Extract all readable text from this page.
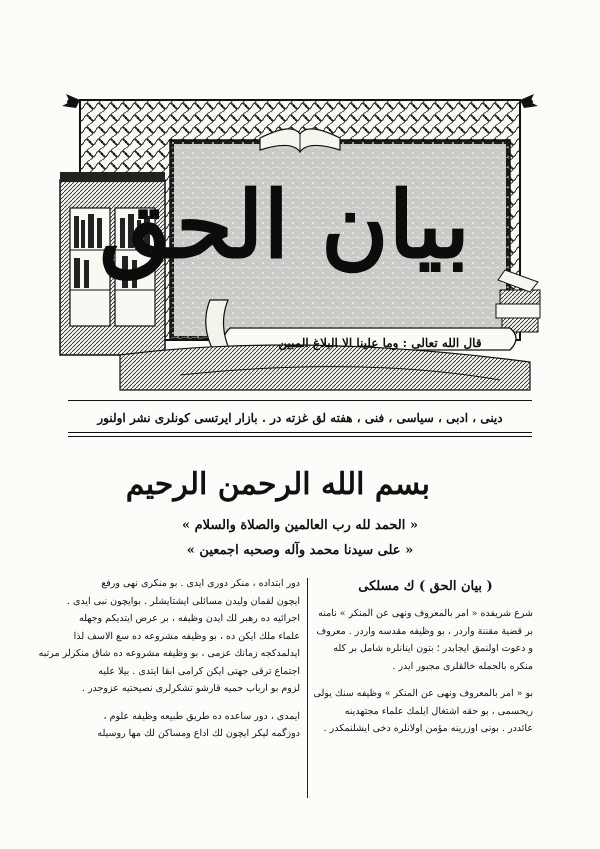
بيان الحق
قال الله تعالى : وما علينا الا البلاغ المبين
دينى ، ادبى ، سياسى ، فنى ، هفته لق غزته در . بازار ايرتسى كونلرى نشر اولنور
بسم الله الرحمن الرحيم
« الحمد لله رب العالمين والصلاة والسلام »
« على سيدنا محمد وآله وصحبه اجمعين »
( بيان الحق ) ك مسلكى
شرع شريفده « امر بالمعروف ونهى عن المنكر » نامنه
بر قضية مقننة واردر ، بو وظيفه مقدسه واردر . معروف
و دعوت اولنمق ايجابدر ؛ بتون اينانلره شامل بر كله
منكره بالجمله خالقلرى مجبور ايدر .
بو « امر بالمعروف ونهى عن المنكر » وظيفه سنك يولى
ريحسمى ، بو حقه اشتغال ايلمك علماء مجتهدينه
عائددر . بونى اوزرينه مؤمن اولانلره دخى ايشلنمكدر .
دور ابتداده ، منكر دورى ايدى . بو منكرى نهى ورفع
ايچون لقمان وليدن مسائلى ايشتايشلر . بوايچون نبى ايدى .
اجرائيه ده رهبر لك ايدن وظيفه ، بر عرض ايتديكم وجهله
علماء ملك ايكن ده ، بو وظيفه مشروعه ده سع الاسف لذا
ايدلمدكجه زمانك عزمى ، بو وظيفه مشروعه ده شاق منكرلر مرتبه
اجتماع ترقى جهتى ايكن كرامى ابقا ايتدى . بيلا عليه
لزوم بو ارباب حميه قارشو تشكرلرى نصيحتيه عزوجدر .
ايمدى ، دور ساعده ده طريق طبيعه وظيفه علوم ،
دوزگمه ليكر ايچون لك اداع ومساكن لك مها روسيله
